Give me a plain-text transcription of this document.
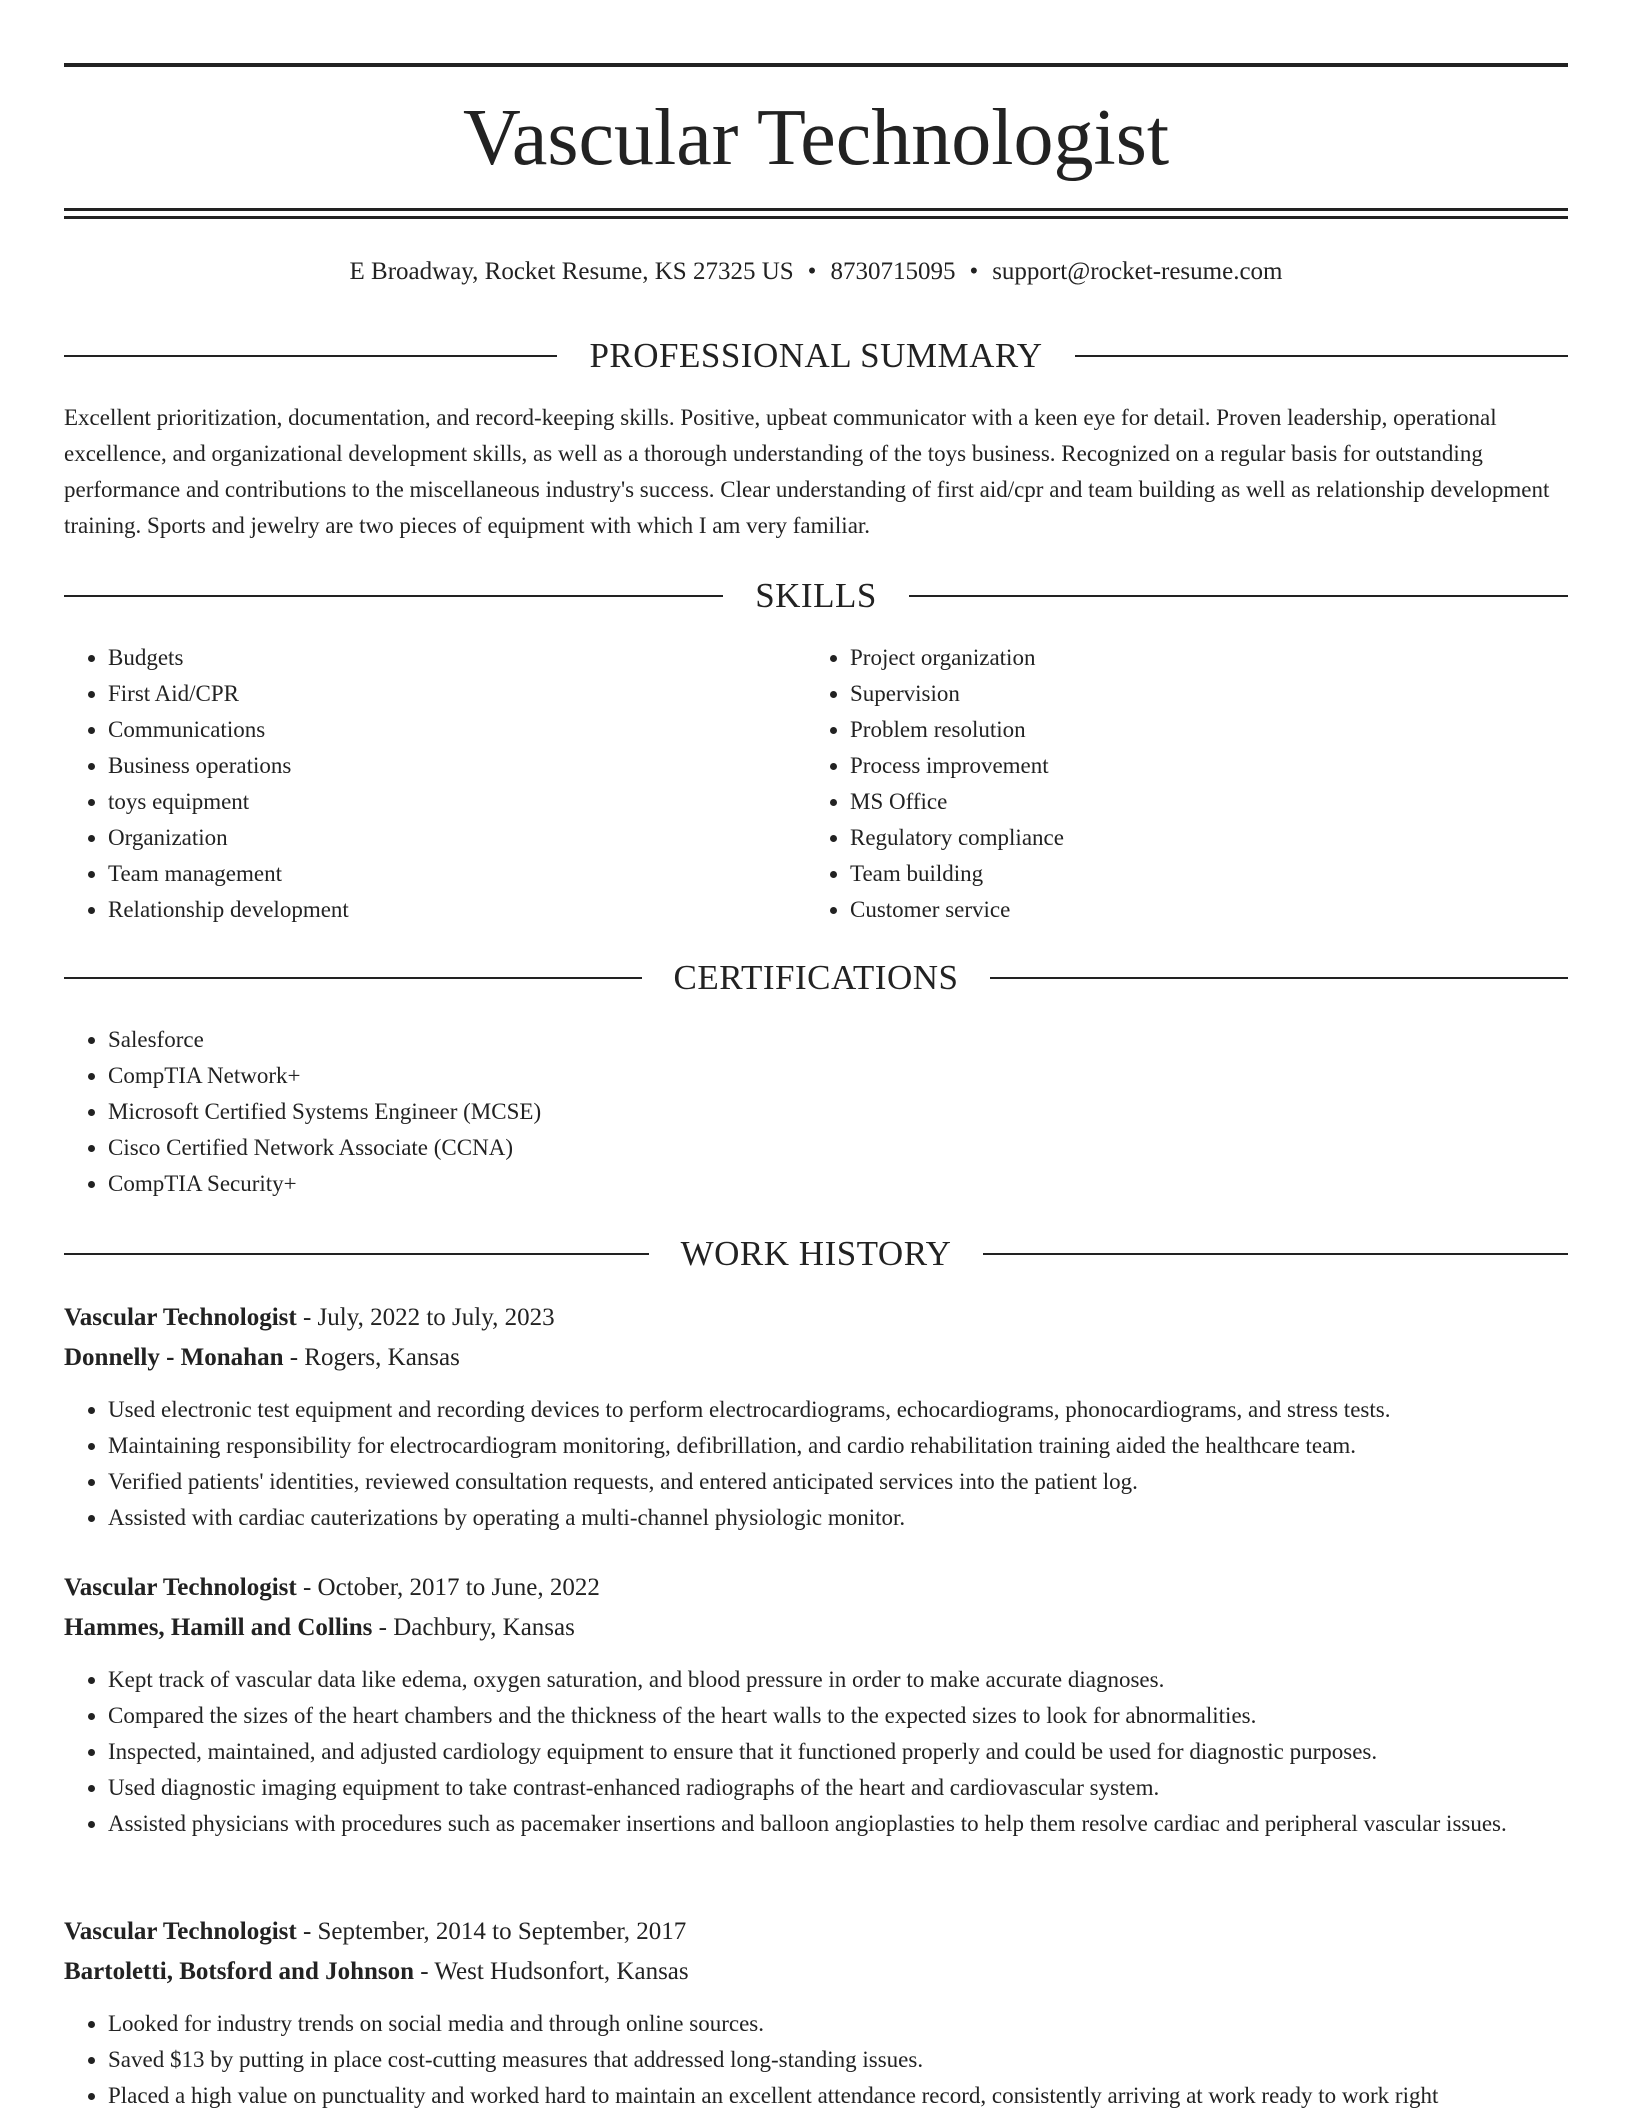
Vascular Technologist
E Broadway, Rocket Resume, KS 27325 US • 8730715095 • support@rocket-resume.com
PROFESSIONAL SUMMARY

Excellent prioritization, documentation, and record-keeping skills. Positive, upbeat communicator with a keen eye for detail. Proven leadership, operational excellence, and organizational development skills, as well as a thorough understanding of the toys business. Recognized on a regular basis for outstanding performance and contributions to the miscellaneous industry's success. Clear understanding of first aid/cpr and team building as well as relationship development training. Sports and jewelry are two pieces of equipment with which I am very familiar.

SKILLS
• Budgets
• First Aid/CPR
• Communications
• Business operations
• toys equipment
• Organization
• Team management
• Relationship development
• Project organization
• Supervision
• Problem resolution
• Process improvement
• MS Office
• Regulatory compliance
• Team building
• Customer service
CERTIFICATIONS
• Salesforce
• CompTIA Network+
• Microsoft Certified Systems Engineer (MCSE)
• Cisco Certified Network Associate (CCNA)
• CompTIA Security+
WORK HISTORY
Vascular Technologist - July, 2022 to July, 2023
Donnelly - Monahan - Rogers, Kansas
• Used electronic test equipment and recording devices to perform electrocardiograms, echocardiograms, phonocardiograms, and stress tests.
• Maintaining responsibility for electrocardiogram monitoring, defibrillation, and cardio rehabilitation training aided the healthcare team.
• Verified patients' identities, reviewed consultation requests, and entered anticipated services into the patient log.
• Assisted with cardiac cauterizations by operating a multi-channel physiologic monitor.
Vascular Technologist - October, 2017 to June, 2022
Hammes, Hamill and Collins - Dachbury, Kansas
• Kept track of vascular data like edema, oxygen saturation, and blood pressure in order to make accurate diagnoses.
• Compared the sizes of the heart chambers and the thickness of the heart walls to the expected sizes to look for abnormalities.
• Inspected, maintained, and adjusted cardiology equipment to ensure that it functioned properly and could be used for diagnostic purposes.
• Used diagnostic imaging equipment to take contrast-enhanced radiographs of the heart and cardiovascular system.
• Assisted physicians with procedures such as pacemaker insertions and balloon angioplasties to help them resolve cardiac and peripheral vascular issues.
Vascular Technologist - September, 2014 to September, 2017
Bartoletti, Botsford and Johnson - West Hudsonfort, Kansas
• Looked for industry trends on social media and through online sources.
• Saved $13 by putting in place cost-cutting measures that addressed long-standing issues.
• Placed a high value on punctuality and worked hard to maintain an excellent attendance record, consistently arriving at work ready to work right
